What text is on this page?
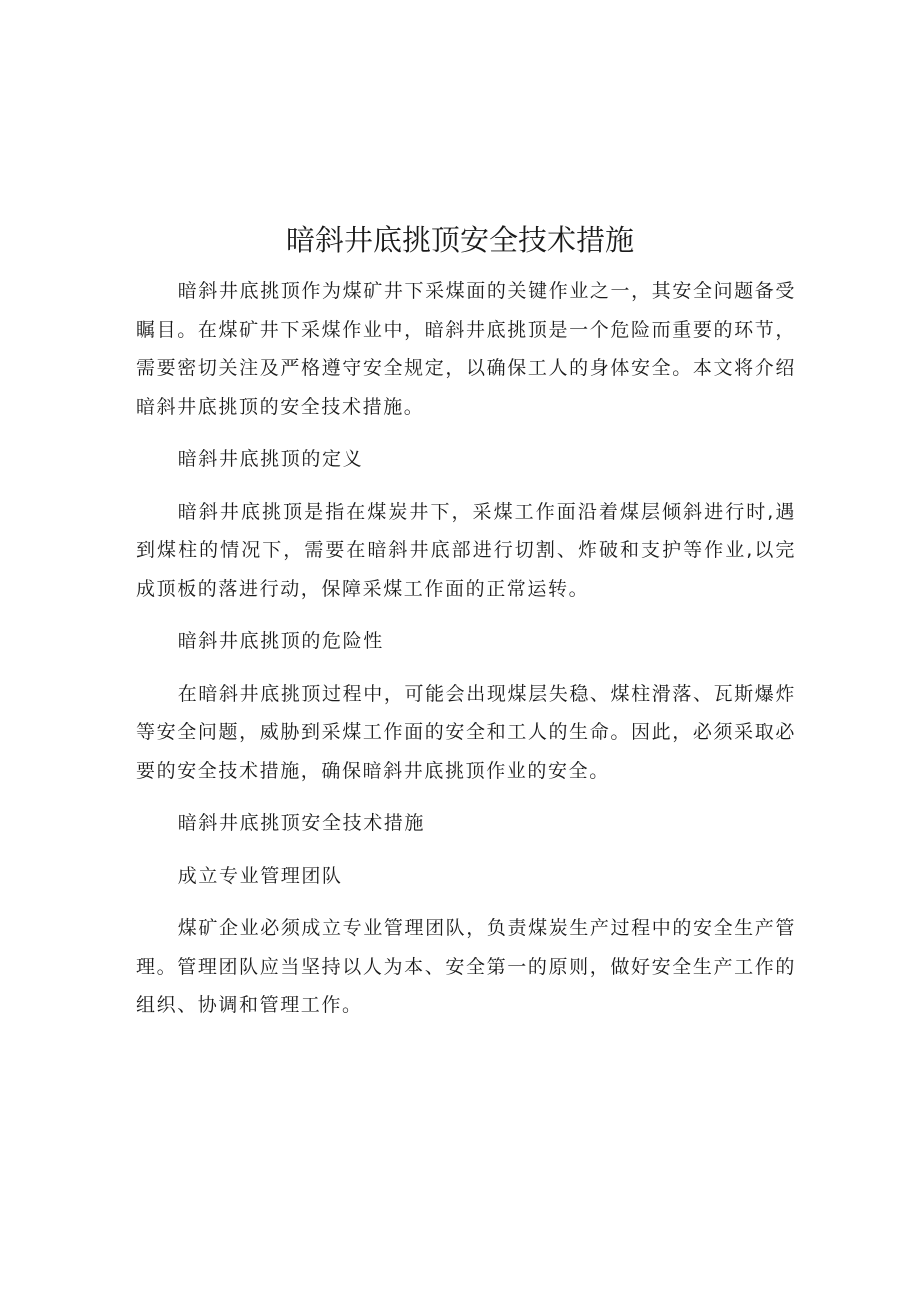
暗斜井底挑顶安全技术措施

暗斜井底挑顶作为煤矿井下采煤面的关键作业之一，其安全问题备受瞩目。在煤矿井下采煤作业中，暗斜井底挑顶是一个危险而重要的环节，需要密切关注及严格遵守安全规定，以确保工人的身体安全。本文将介绍暗斜井底挑顶的安全技术措施。

暗斜井底挑顶的定义

暗斜井底挑顶是指在煤炭井下，采煤工作面沿着煤层倾斜进行时,遇到煤柱的情况下，需要在暗斜井底部进行切割、炸破和支护等作业,以完成顶板的落进行动，保障采煤工作面的正常运转。

暗斜井底挑顶的危险性

在暗斜井底挑顶过程中，可能会出现煤层失稳、煤柱滑落、瓦斯爆炸等安全问题，威胁到采煤工作面的安全和工人的生命。因此，必须采取必要的安全技术措施，确保暗斜井底挑顶作业的安全。

暗斜井底挑顶安全技术措施

成立专业管理团队

煤矿企业必须成立专业管理团队，负责煤炭生产过程中的安全生产管理。管理团队应当坚持以人为本、安全第一的原则，做好安全生产工作的组织、协调和管理工作。
